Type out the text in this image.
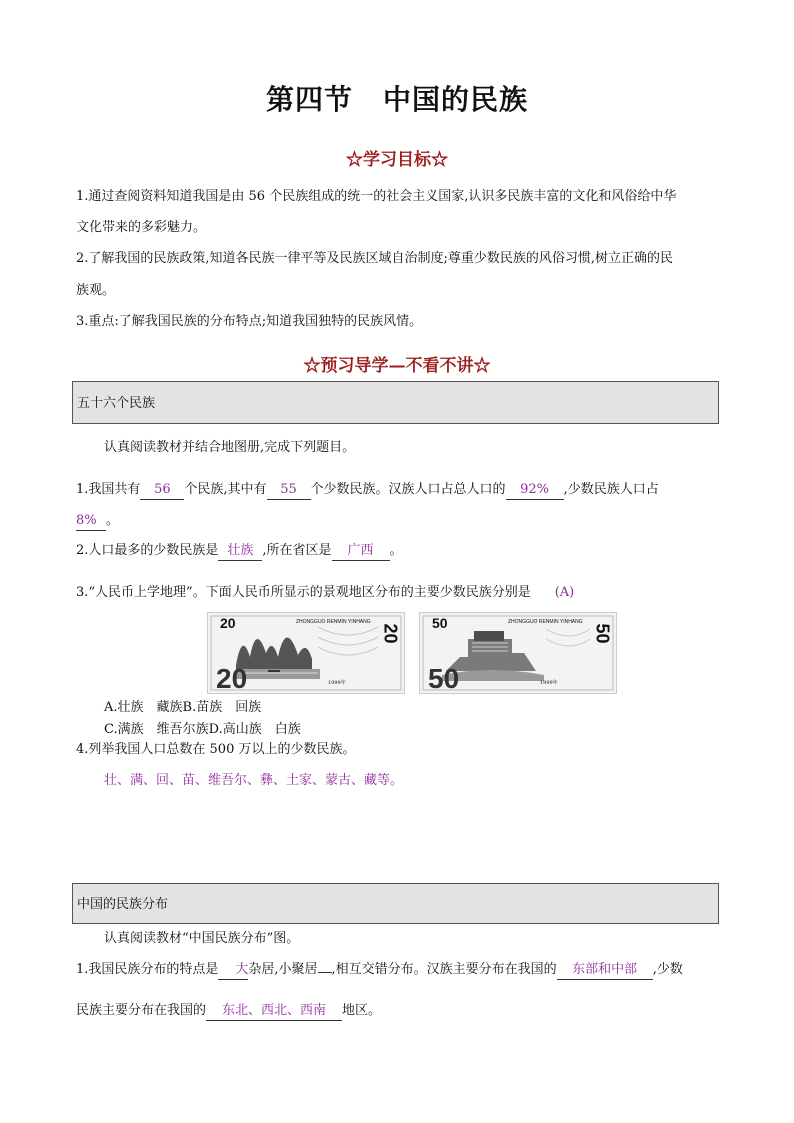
第四节 中国的民族
☆学习目标☆
1.通过查阅资料知道我国是由 56 个民族组成的统一的社会主义国家,认识多民族丰富的文化和风俗给中华
文化带来的多彩魅力。
2.了解我国的民族政策,知道各民族一律平等及民族区域自治制度;尊重少数民族的风俗习惯,树立正确的民
族观。
3.重点:了解我国民族的分布特点;知道我国独特的民族风情。
☆预习导学—不看不讲☆
五十六个民族
认真阅读教材并结合地图册,完成下列题目。
1.我国共有 56 个民族,其中有 55 个少数民族。汉族人口占总人口的 92% ,少数民族人口占
8% 。
2.人口最多的少数民族是 壮族 ,所在省区是 广西 。
3.“人民币上学地理”。下面人民币所显示的景观地区分布的主要少数民族分别是 (A)
20	ZHONGGUO RENMIN YINHANG
20	1999年
20
50	ZHONGGUO RENMIN YINHANG
50	1999年
50
A.壮族　藏族B.苗族　回族
C.满族　维吾尔族D.高山族　白族
4.列举我国人口总数在 500 万以上的少数民族。
壮、满、回、苗、维吾尔、彝、土家、蒙古、藏等。
中国的民族分布
认真阅读教材“中国民族分布”图。
1.我国民族分布的特点是 大杂居,小聚居 ,相互交错分布。汉族主要分布在我国的 东部和中部 ,少数
民族主要分布在我国的 东北、西北、西南 地区。
